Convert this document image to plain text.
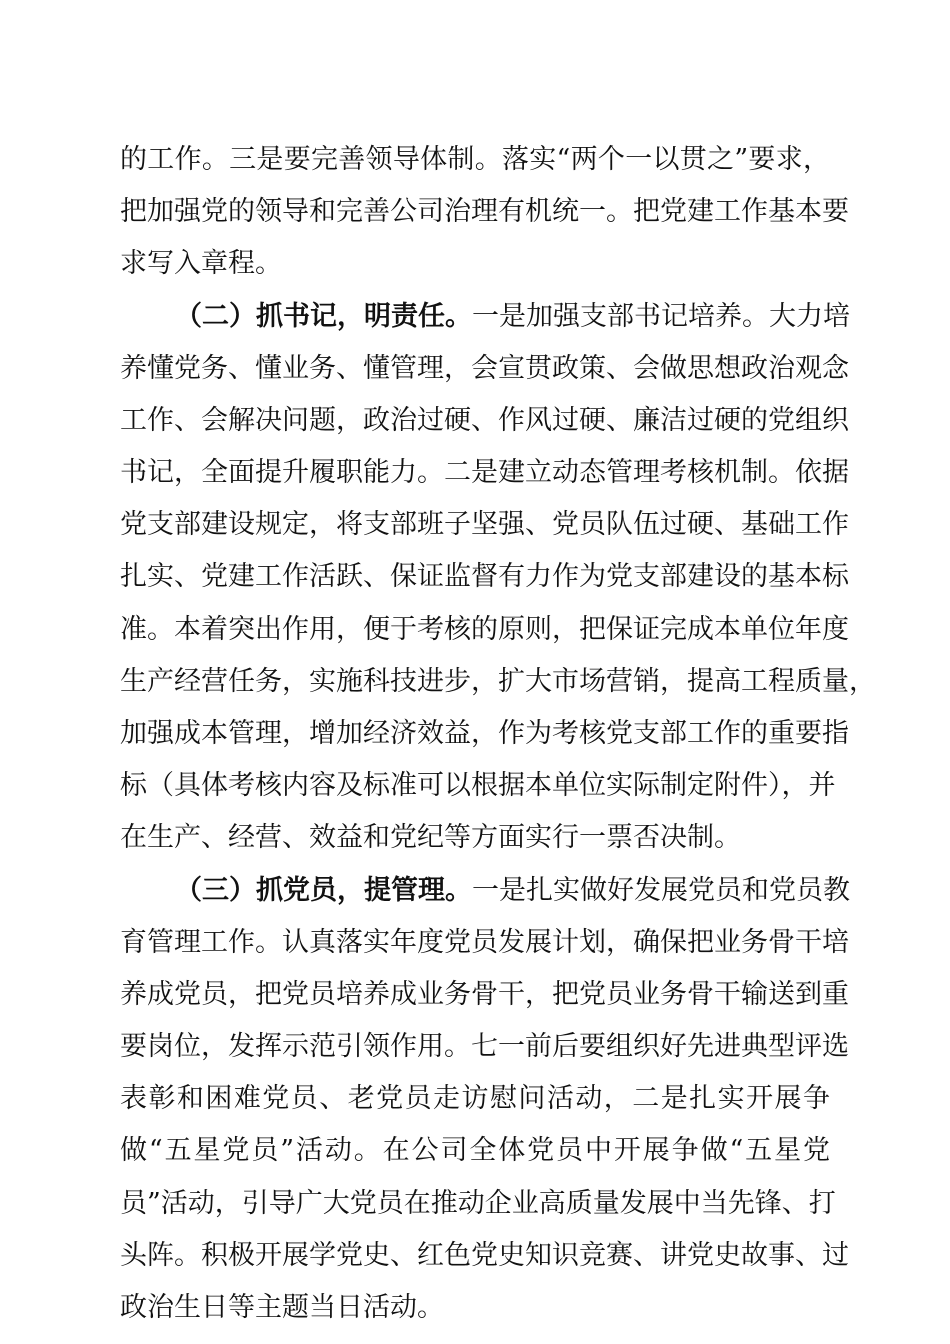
的工作。三是要完善领导体制。落实“两个一以贯之”要求，
把加强党的领导和完善公司治理有机统一。把党建工作基本要
求写入章程。
（二）抓书记，明责任。一是加强支部书记培养。大力培
养懂党务、懂业务、懂管理，会宣贯政策、会做思想政治观念
工作、会解决问题，政治过硬、作风过硬、廉洁过硬的党组织
书记，全面提升履职能力。二是建立动态管理考核机制。依据
党支部建设规定，将支部班子坚强、党员队伍过硬、基础工作
扎实、党建工作活跃、保证监督有力作为党支部建设的基本标
准。本着突出作用，便于考核的原则，把保证完成本单位年度
生产经营任务，实施科技进步，扩大市场营销，提高工程质量，
加强成本管理，增加经济效益，作为考核党支部工作的重要指
标（具体考核内容及标准可以根据本单位实际制定附件），并
在生产、经营、效益和党纪等方面实行一票否决制。
（三）抓党员，提管理。一是扎实做好发展党员和党员教
育管理工作。认真落实年度党员发展计划，确保把业务骨干培
养成党员，把党员培养成业务骨干，把党员业务骨干输送到重
要岗位，发挥示范引领作用。七一前后要组织好先进典型评选
表彰和困难党员、老党员走访慰问活动，二是扎实开展争
做“五星党员”活动。在公司全体党员中开展争做“五星党
员”活动，引导广大党员在推动企业高质量发展中当先锋、打
头阵。积极开展学党史、红色党史知识竞赛、讲党史故事、过
政治生日等主题当日活动。
